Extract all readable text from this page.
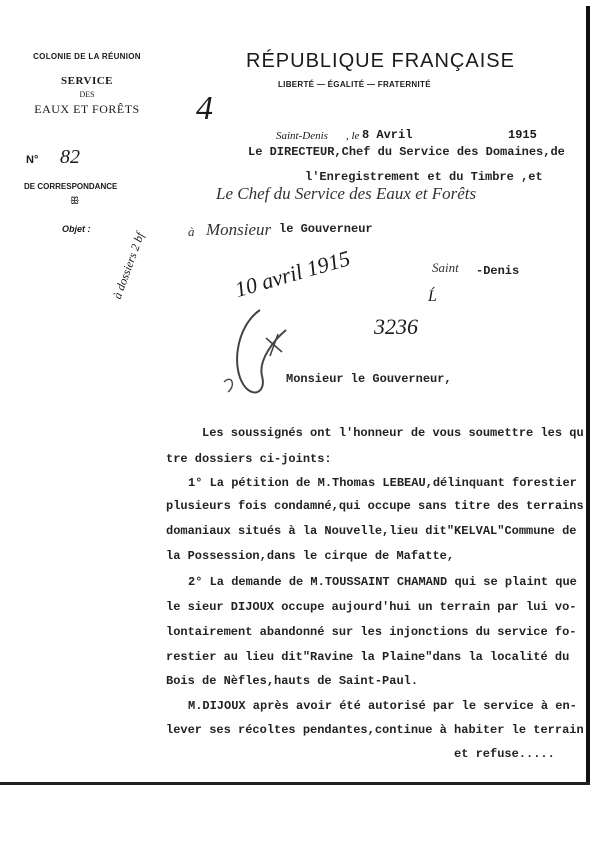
COLONIE DE LA RÉUNION
SERVICE
DES
EAUX ET FORÊTS
N° 82
DE CORRESPONDANCE
ꕥ
Objet :
RÉPUBLIQUE FRANÇAISE
LIBERTÉ — ÉGALITÉ — FRATERNITÉ
4
Saint-Denis , le 8 Avril	1915
Le DIRECTEUR,Chef du Service des Domaines,de
l'Enregistrement et du Timbre ,et
Le Chef du Service des Eaux et Forêts
à Monsieur le Gouverneur
Saint -Denis
à dossiers 2 bf	10 avril 1915	Ĺ
3236
Monsieur le Gouverneur,
Les soussignés ont l'honneur de vous soumettre les qu
tre dossiers ci-joints:
1° La pétition de M.Thomas LEBEAU,délinquant forestier
plusieurs fois condamné,qui occupe sans titre des terrains
domaniaux situés à la Nouvelle,lieu dit"KELVAL"Commune de
la Possession,dans le cirque de Mafatte,
2° La demande de M.TOUSSAINT CHAMAND qui se plaint que
le sieur DIJOUX occupe aujourd'hui un terrain par lui vo-
lontairement abandonné sur les injonctions du service fo-
restier au lieu dit"Ravine la Plaine"dans la localité du
Bois de Nèfles,hauts de Saint-Paul.
M.DIJOUX après avoir été autorisé par le service à en-
lever ses récoltes pendantes,continue à habiter le terrain
et refuse.....
